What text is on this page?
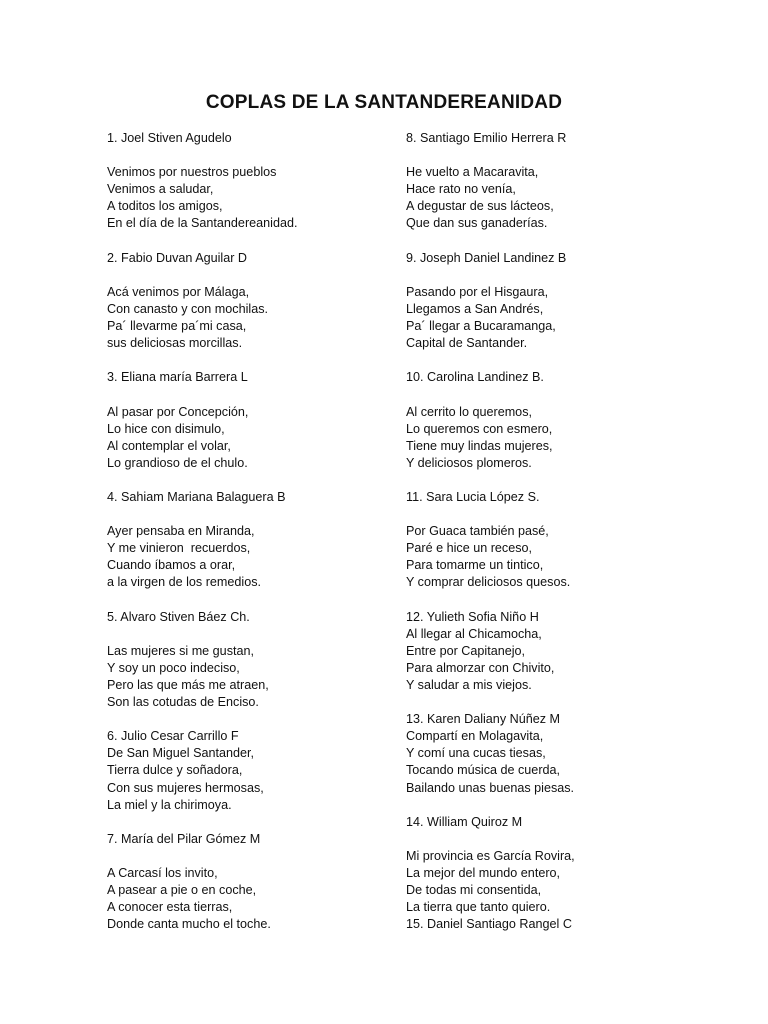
COPLAS DE LA SANTANDEREANIDAD
1. Joel Stiven Agudelo
Venimos por nuestros pueblos
Venimos a saludar,
A toditos los amigos,
En el día de la Santandereanidad.
2. Fabio Duvan Aguilar D
Acá venimos por Málaga,
Con canasto y con mochilas.
Pa´ llevarme pa´mi casa,
sus deliciosas morcillas.
3. Eliana maría Barrera L
Al pasar por Concepción,
Lo hice con disimulo,
Al contemplar el volar,
Lo grandioso de el chulo.
4. Sahiam Mariana Balaguera B
Ayer pensaba en Miranda,
Y me vinieron  recuerdos,
Cuando íbamos a orar,
a la virgen de los remedios.
5. Alvaro Stiven Báez Ch.
Las mujeres si me gustan,
Y soy un poco indeciso,
Pero las que más me atraen,
Son las cotudas de Enciso.
6. Julio Cesar Carrillo F
De San Miguel Santander,
Tierra dulce y soñadora,
Con sus mujeres hermosas,
La miel y la chirimoya.
7. María del Pilar Gómez M
A Carcasí los invito,
A pasear a pie o en coche,
A conocer esta tierras,
Donde canta mucho el toche.
8. Santiago Emilio Herrera R
He vuelto a Macaravita,
Hace rato no venía,
A degustar de sus lácteos,
Que dan sus ganaderías.
9. Joseph Daniel Landinez B
Pasando por el Hisgaura,
Llegamos a San Andrés,
Pa´ llegar a Bucaramanga,
Capital de Santander.
10. Carolina Landinez B.
Al cerrito lo queremos,
Lo queremos con esmero,
Tiene muy lindas mujeres,
Y deliciosos plomeros.
11. Sara Lucia López S.
Por Guaca también pasé,
Paré e hice un receso,
Para tomarme un tintico,
Y comprar deliciosos quesos.
12. Yulieth Sofia Niño H
Al llegar al Chicamocha,
Entre por Capitanejo,
Para almorzar con Chivito,
Y saludar a mis viejos.
13. Karen Daliany Núñez M
Compartí en Molagavita,
Y comí una cucas tiesas,
Tocando música de cuerda,
Bailando unas buenas piesas.
14. William Quiroz M
Mi provincia es García Rovira,
La mejor del mundo entero,
De todas mi consentida,
La tierra que tanto quiero.
15. Daniel Santiago Rangel C
